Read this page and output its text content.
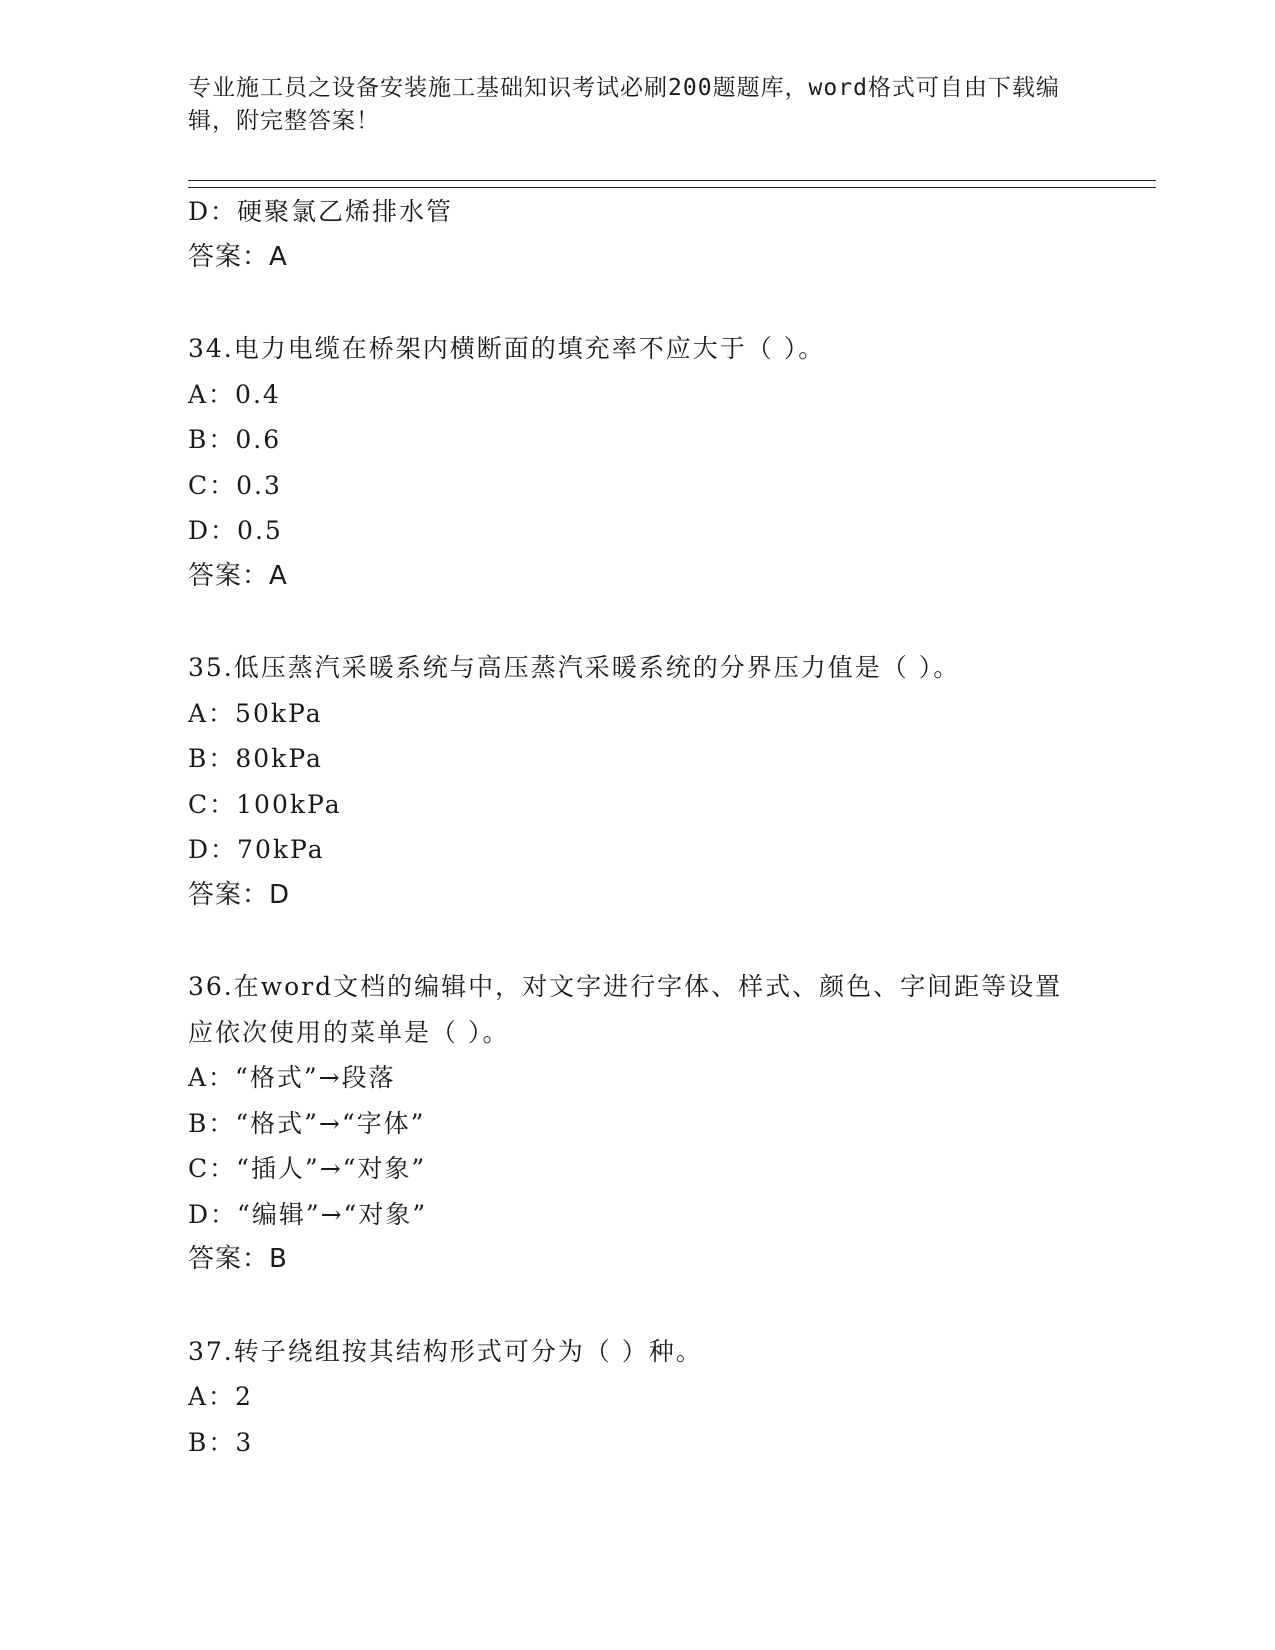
专业施工员之设备安装施工基础知识考试必刷200题题库，word格式可自由下载编辑，附完整答案！
D：硬聚氯乙烯排水管
答案：A
34.电力电缆在桥架内横断面的填充率不应大于（ ）。
A：0.4
B：0.6
C：0.3
D：0.5
答案：A
35.低压蒸汽采暖系统与高压蒸汽采暖系统的分界压力值是（ ）。
A：50kPa
B：80kPa
C：100kPa
D：70kPa
答案：D
36.在word文档的编辑中，对文字进行字体、样式、颜色、字间距等设置应依次使用的菜单是（ ）。
A：“格式”→段落
B：“格式”→“字体”
C：“插人”→“对象”
D：“编辑”→“对象”
答案：B
37.转子绕组按其结构形式可分为（ ）种。
A：2
B：3
